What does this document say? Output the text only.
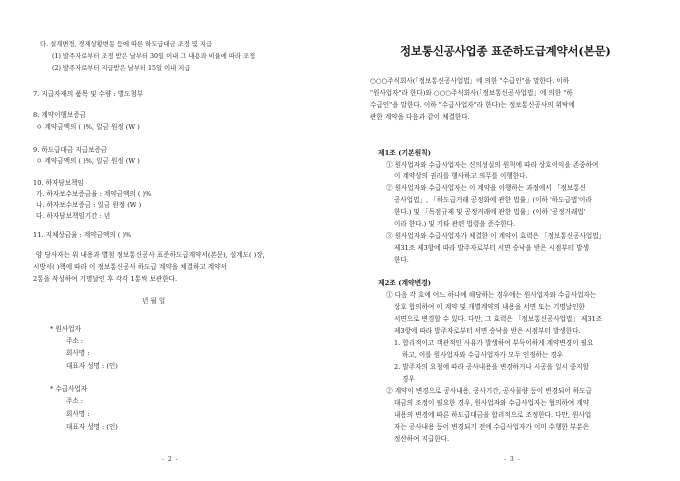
다. 설계변경, 경제상황변동 등에 따른 하도급대금 조정 및 지급
(1) 발주자로부터 조정 받은 날부터 30일 이내 그 내용과 비율에 따라 조정
(2) 발주자로부터 지급받은 날부터 15일 이내 지급
7. 지급자재의 품목 및 수량 : 별도첨부
8. 계약이행보증금
ㅇ 계약금액의 ( )%, 일금 원정 (W )
9. 하도급대금 지급보증금
ㅇ 계약금액의 ( )%, 일금 원정 (W )
10. 하자담보책임
가. 하자보수보증금율 : 계약금액의 ( )%
나. 하자보수보증금 : 일금 원정 (W )
다. 하자담보책임기간 : 년
11. 지체상금율 : 계약금액의 ( )%
양 당사자는 위 내용과 별첨 정보통신공사 표준하도급계약서(본문), 설계도( )장,
시방서( )책에 따라 이 정보통신공사 하도급 계약을 체결하고 계약서
2통을 작성하여 기명날인 후 각각 1통씩 보관한다.
년 월 일
* 원사업자
주소 :
회사명 :
대표자 성명 : (인)
* 수급사업자
주소 :
회사명 :
대표자 성명 : (인)
- 2 -
정보통신공사업종 표준하도급계약서(본문)
○○○주식회사(「정보통신공사업법」에 의한 "수급인"을 말한다. 이하
"원사업자"라 한다)와 ○○○주식회사(「정보통신공사업법」에 의한 "하
수급인"을 말한다. 이하 "수급사업자"라 한다)는 정보통신공사의 위탁에
관한 계약을 다음과 같이 체결한다.
제1조 (기본원칙)
① 원사업자와 수급사업자는 신의성실의 원칙에 따라 상호이익을 존중하여
이 계약상의 권리를 행사하고 의무를 이행한다.
② 원사업자와 수급사업자는 이 계약을 이행하는 과정에서 「정보통신
공사업법」, 「하도급거래 공정화에 관한 법률」(이하 '하도급법'이라
한다.) 및 「독점규제 및 공정거래에 관한 법률」(이하 '공정거래법'
이라 한다.) 및 기타 관련 법령을 준수한다.
③ 원사업자와 수급사업자가 체결한 이 계약이 효력은 「정보통신공사업법」
제31조 제3항에 따라 발주자로부터 서면 승낙을 받은 시점부터 발생
한다.
제2조 (계약변경)
① 다음 각 호에 어느 하나에 해당하는 경우에는 원사업자와 수급사업자는
상호 합의하여 이 계약 및 개별계약의 내용을 서면 또는 기명날인한
서면으로 변경할 수 있다. 다만, 그 효력은 「정보통신공사업법」 제31조
제3항에 따라 발주자로부터 서면 승낙을 받은 시점부터 발생한다.
1. 합리적이고 객관적인 사유가 발생하여 부득이하게 계약변경이 필요
하고, 이를 원사업자와 수급사업자가 모두 인정하는 경우
2. 발주자의 요청에 따라 공사내용을 변경하거나 시공을 일시 중지할
경우
② 계약이 변경으로 공사내용, 공사기간, 공사물량 등이 변경되어 하도급
대금의 조정이 필요한 경우, 원사업자와 수급사업자는 협의하여 계약
내용의 변경에 따른 하도급대금을 합리적으로 조정한다. 다만, 원사업
자는 공사내용 등이 변경되기 전에 수급사업자가 이미 수행한 부분은
정산하여 지급한다.
- 3 -
